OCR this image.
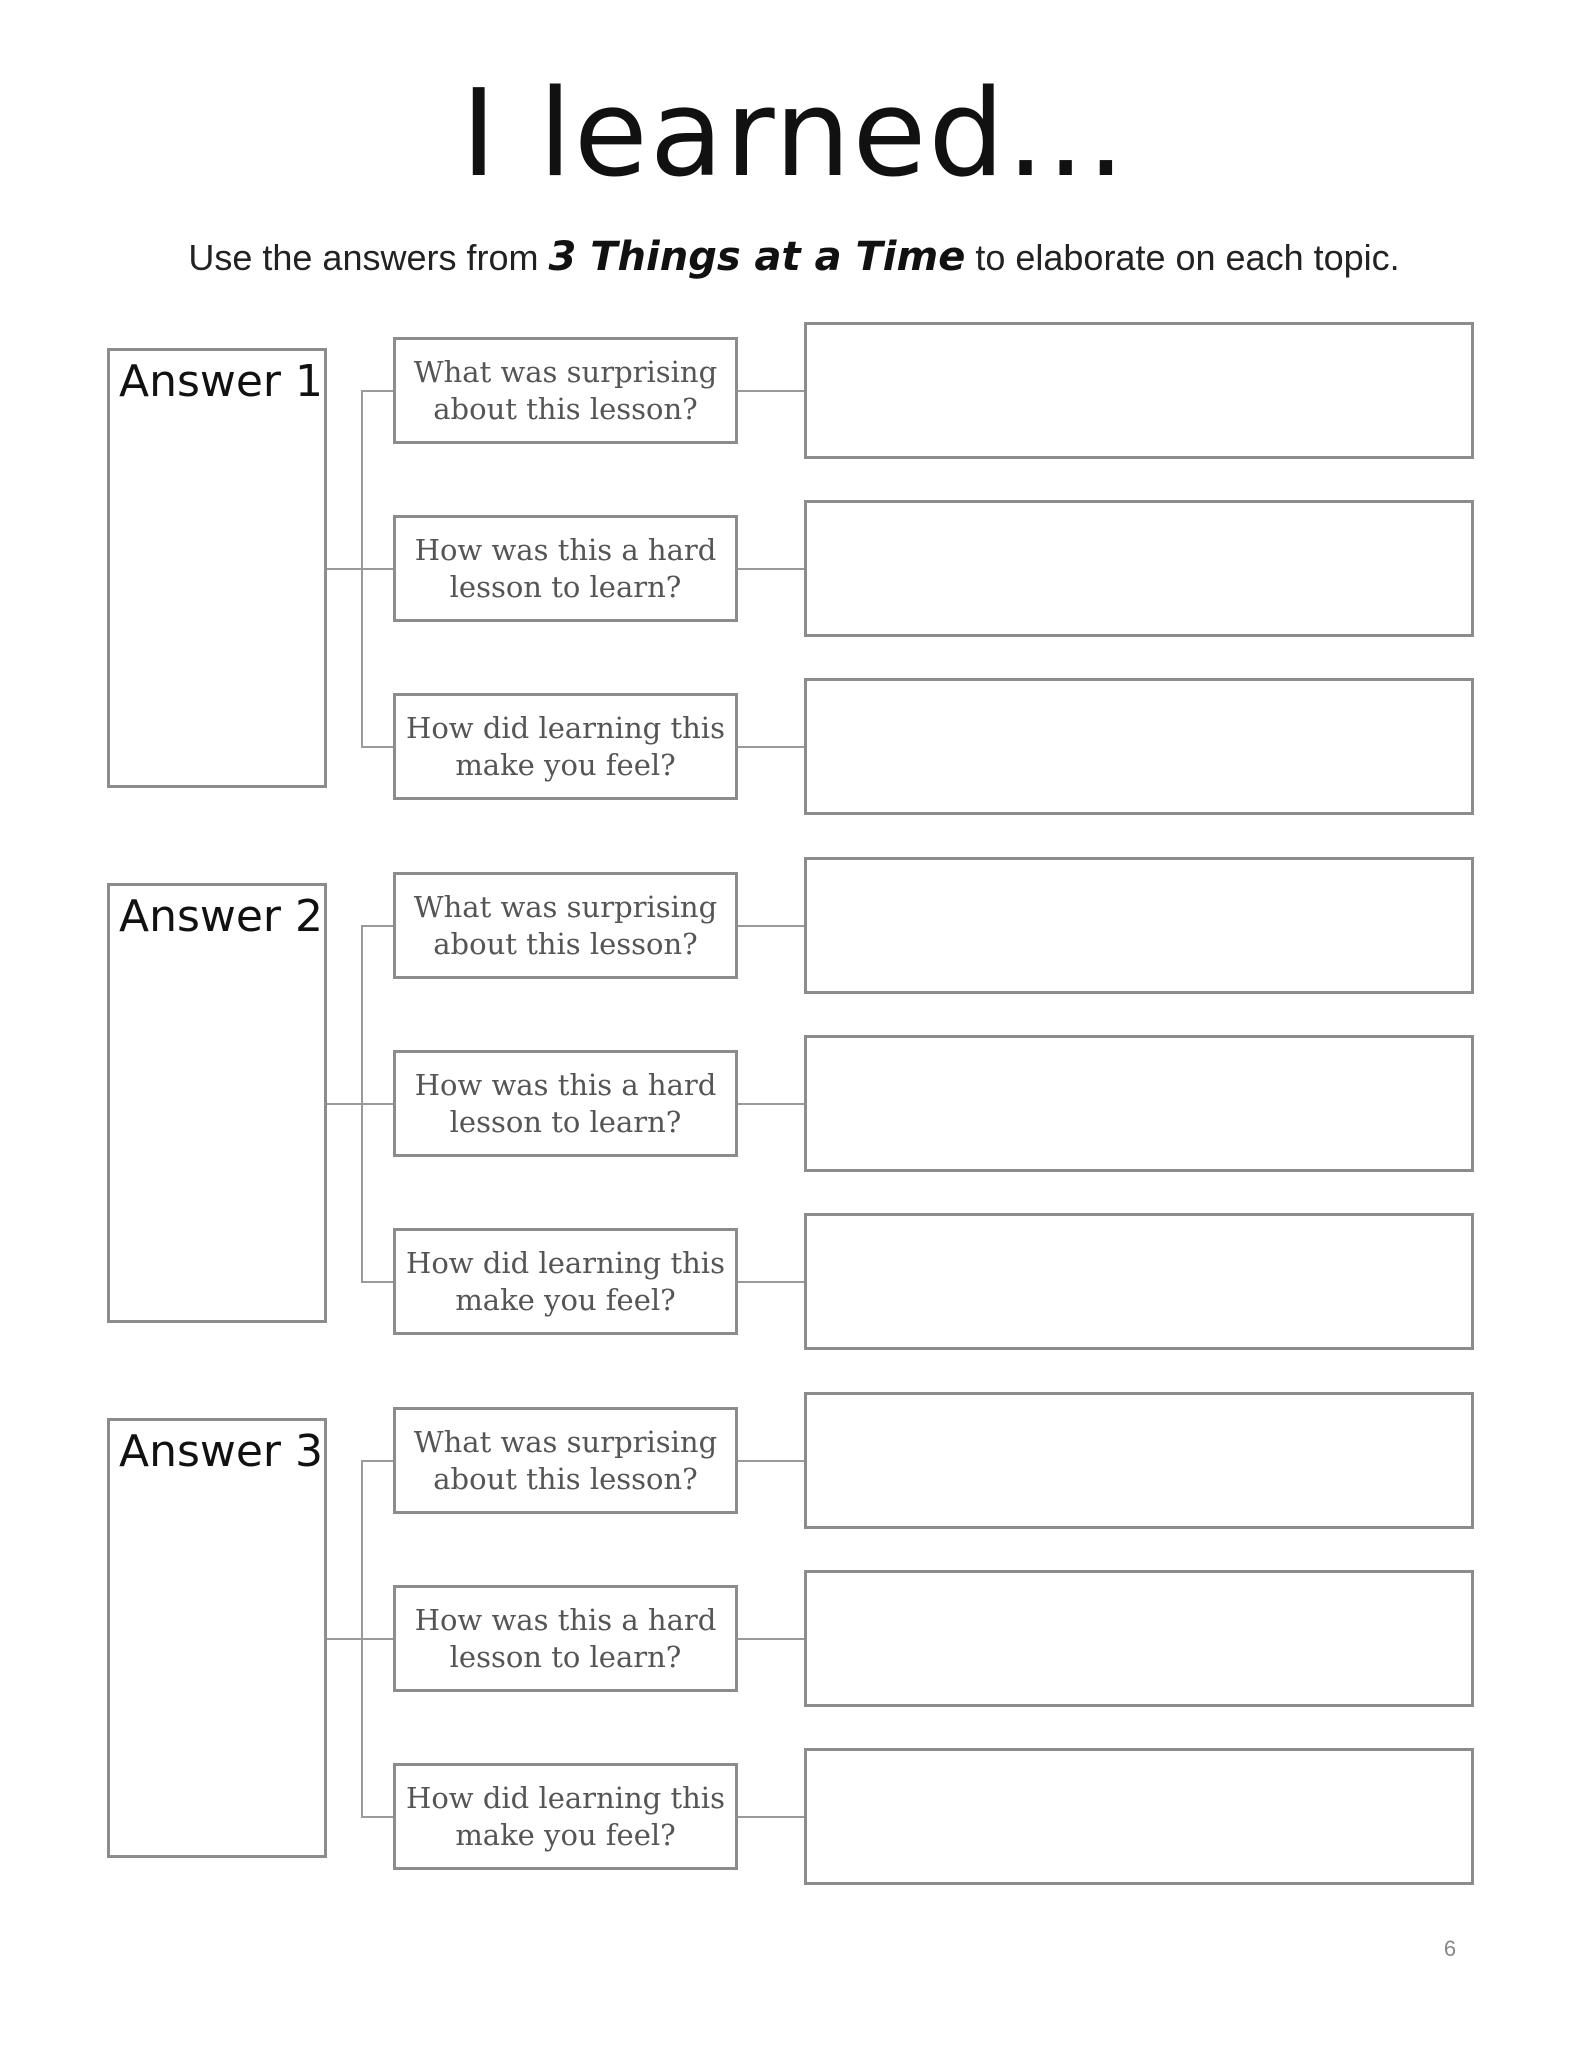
I learned...
Use the answers from 3 Things at a Time to elaborate on each topic.
Answer 1	What was surprising about this lesson?
How was this a hard lesson to learn?
How did learning this make you feel?
Answer 2	What was surprising about this lesson?
How was this a hard lesson to learn?
How did learning this make you feel?
Answer 3	What was surprising about this lesson?
How was this a hard lesson to learn?
How did learning this make you feel?
6
